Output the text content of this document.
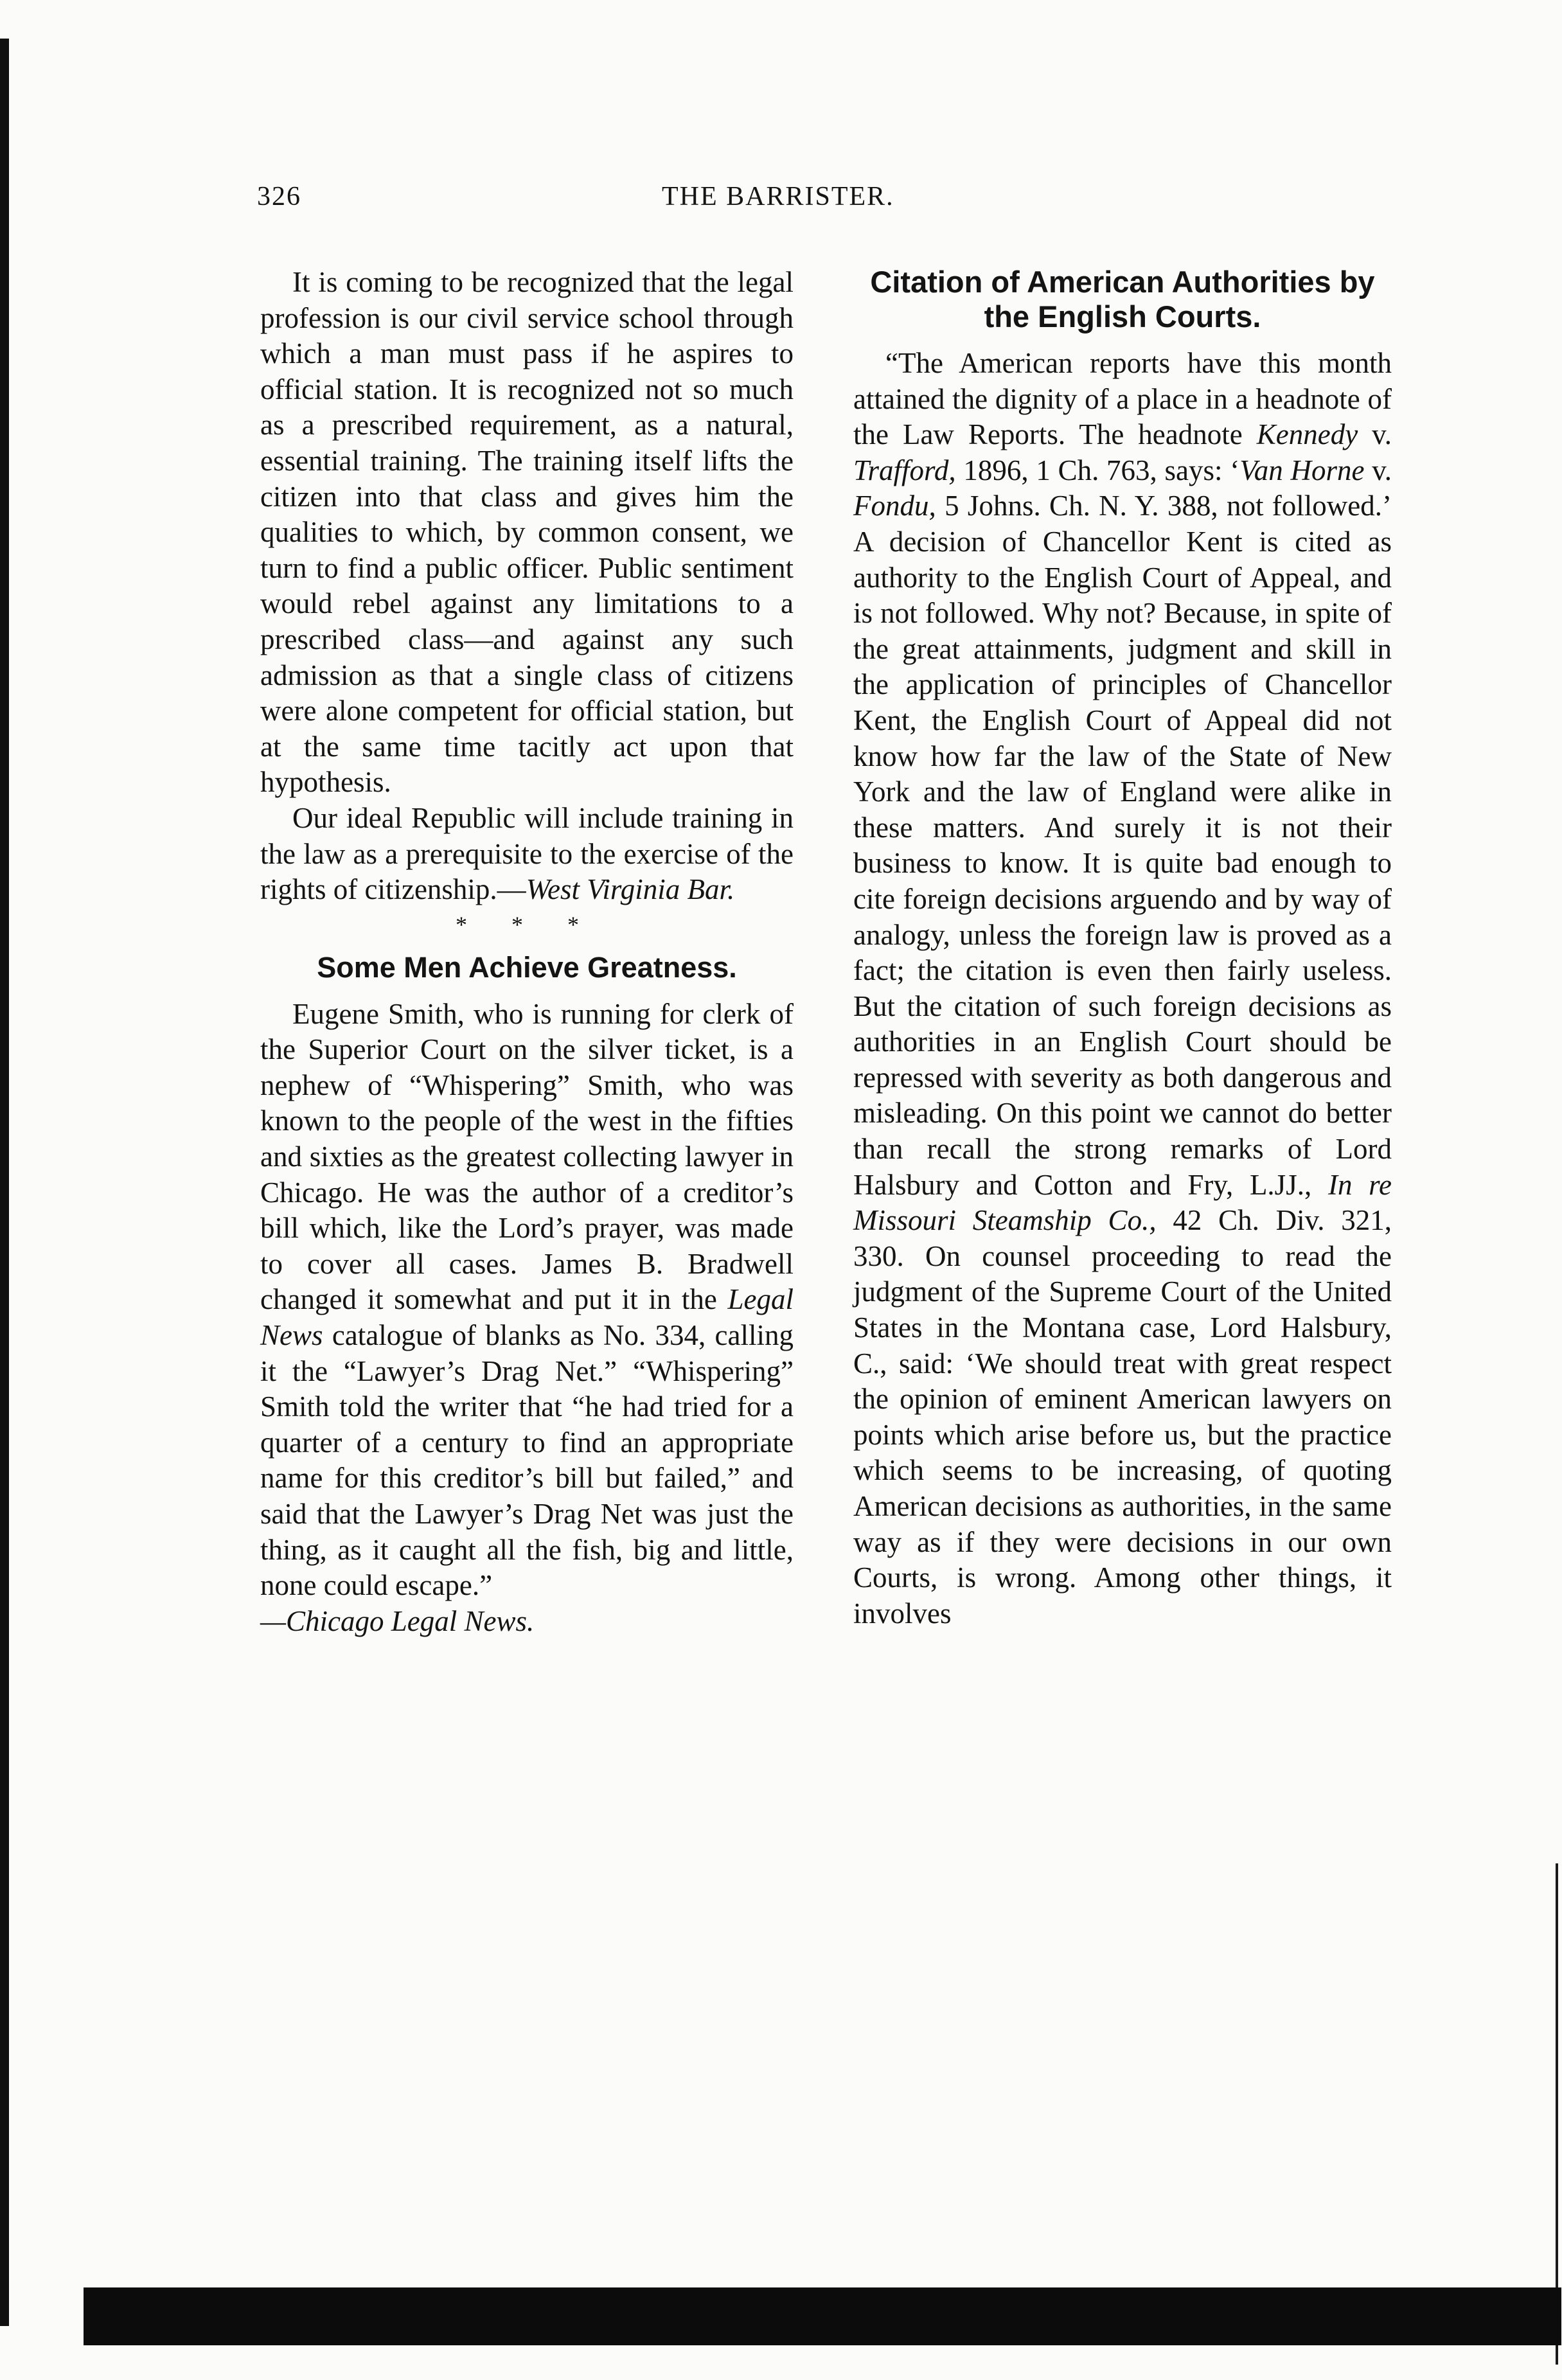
326	THE BARRISTER.

It is coming to be recognized that the legal profession is our civil service school through which a man must pass if he aspires to official station. It is recognized not so much as a prescribed requirement, as a natural, essential training. The training itself lifts the citizen into that class and gives him the qualities to which, by common consent, we turn to find a public officer. Public sentiment would rebel against any limitations to a prescribed class—and against any such admission as that a single class of citizens were alone competent for official station, but at the same time tacitly act upon that hypothesis.

Our ideal Republic will include training in the law as a prerequisite to the exercise of the rights of citizenship.—West Virginia Bar.

* * *
Some Men Achieve Greatness.

Eugene Smith, who is running for clerk of the Superior Court on the silver ticket, is a nephew of “Whispering” Smith, who was known to the people of the west in the fifties and sixties as the greatest collecting lawyer in Chicago. He was the author of a creditor’s bill which, like the Lord’s prayer, was made to cover all cases. James B. Bradwell changed it somewhat and put it in the Legal News catalogue of blanks as No. 334, calling it the “Lawyer’s Drag Net.” “Whispering” Smith told the writer that “he had tried for a quarter of a century to find an appropriate name for this creditor’s bill but failed,” and said that the Lawyer’s Drag Net was just the thing, as it caught all the fish, big and little, none could escape.”

—Chicago Legal News.

Citation of American Authorities by the English Courts.

“The American reports have this month attained the dignity of a place in a headnote of the Law Reports. The headnote Kennedy v. Trafford, 1896, 1 Ch. 763, says: ‘Van Horne v. Fondu, 5 Johns. Ch. N. Y. 388, not followed.’ A decision of Chancellor Kent is cited as authority to the English Court of Appeal, and is not followed. Why not? Because, in spite of the great attainments, judgment and skill in the application of principles of Chancellor Kent, the English Court of Appeal did not know how far the law of the State of New York and the law of England were alike in these matters. And surely it is not their business to know. It is quite bad enough to cite foreign decisions arguendo and by way of analogy, unless the foreign law is proved as a fact; the citation is even then fairly useless. But the citation of such foreign decisions as authorities in an English Court should be repressed with severity as both dangerous and misleading. On this point we cannot do better than recall the strong remarks of Lord Halsbury and Cotton and Fry, L.JJ., In re Missouri Steamship Co., 42 Ch. Div. 321, 330. On counsel proceeding to read the judgment of the Supreme Court of the United States in the Montana case, Lord Halsbury, C., said: ‘We should treat with great respect the opinion of eminent American lawyers on points which arise before us, but the practice which seems to be increasing, of quoting American decisions as authorities, in the same way as if they were decisions in our own Courts, is wrong. Among other things, it involves
